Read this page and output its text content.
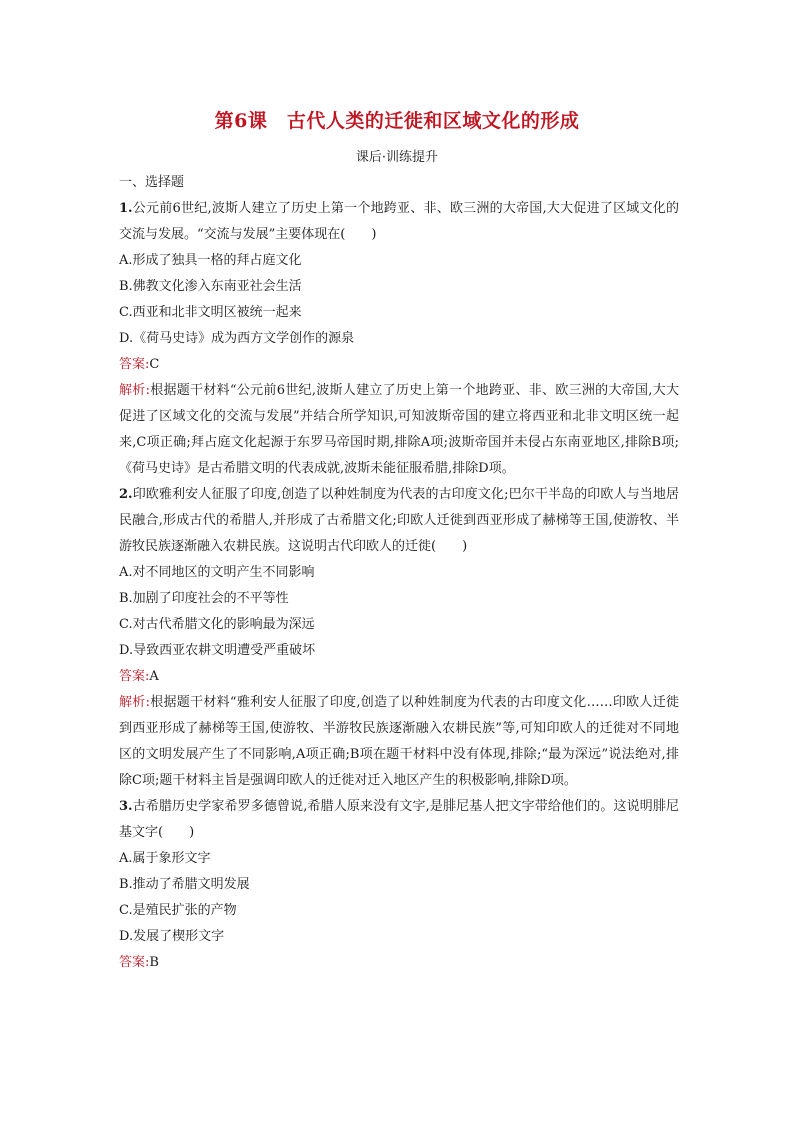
第6课　古代人类的迁徙和区域文化的形成
课后·训练提升
一、选择题
1.公元前6世纪,波斯人建立了历史上第一个地跨亚、非、欧三洲的大帝国,大大促进了区域文化的交流与发展。“交流与发展”主要体现在(　　)
A.形成了独具一格的拜占庭文化
B.佛教文化渗入东南亚社会生活
C.西亚和北非文明区被统一起来
D.《荷马史诗》成为西方文学创作的源泉
答案:C
解析:根据题干材料“公元前6世纪,波斯人建立了历史上第一个地跨亚、非、欧三洲的大帝国,大大促进了区域文化的交流与发展”并结合所学知识,可知波斯帝国的建立将西亚和北非文明区统一起来,C项正确;拜占庭文化起源于东罗马帝国时期,排除A项;波斯帝国并未侵占东南亚地区,排除B项;《荷马史诗》是古希腊文明的代表成就,波斯未能征服希腊,排除D项。
2.印欧雅利安人征服了印度,创造了以种姓制度为代表的古印度文化;巴尔干半岛的印欧人与当地居民融合,形成古代的希腊人,并形成了古希腊文化;印欧人迁徙到西亚形成了赫梯等王国,使游牧、半游牧民族逐渐融入农耕民族。这说明古代印欧人的迁徙(　　)
A.对不同地区的文明产生不同影响
B.加剧了印度社会的不平等性
C.对古代希腊文化的影响最为深远
D.导致西亚农耕文明遭受严重破坏
答案:A
解析:根据题干材料“雅利安人征服了印度,创造了以种姓制度为代表的古印度文化……印欧人迁徙到西亚形成了赫梯等王国,使游牧、半游牧民族逐渐融入农耕民族”等,可知印欧人的迁徙对不同地区的文明发展产生了不同影响,A项正确;B项在题干材料中没有体现,排除;“最为深远”说法绝对,排除C项;题干材料主旨是强调印欧人的迁徙对迁入地区产生的积极影响,排除D项。
3.古希腊历史学家希罗多德曾说,希腊人原来没有文字,是腓尼基人把文字带给他们的。这说明腓尼基文字(　　)
A.属于象形文字
B.推动了希腊文明发展
C.是殖民扩张的产物
D.发展了楔形文字
答案:B
